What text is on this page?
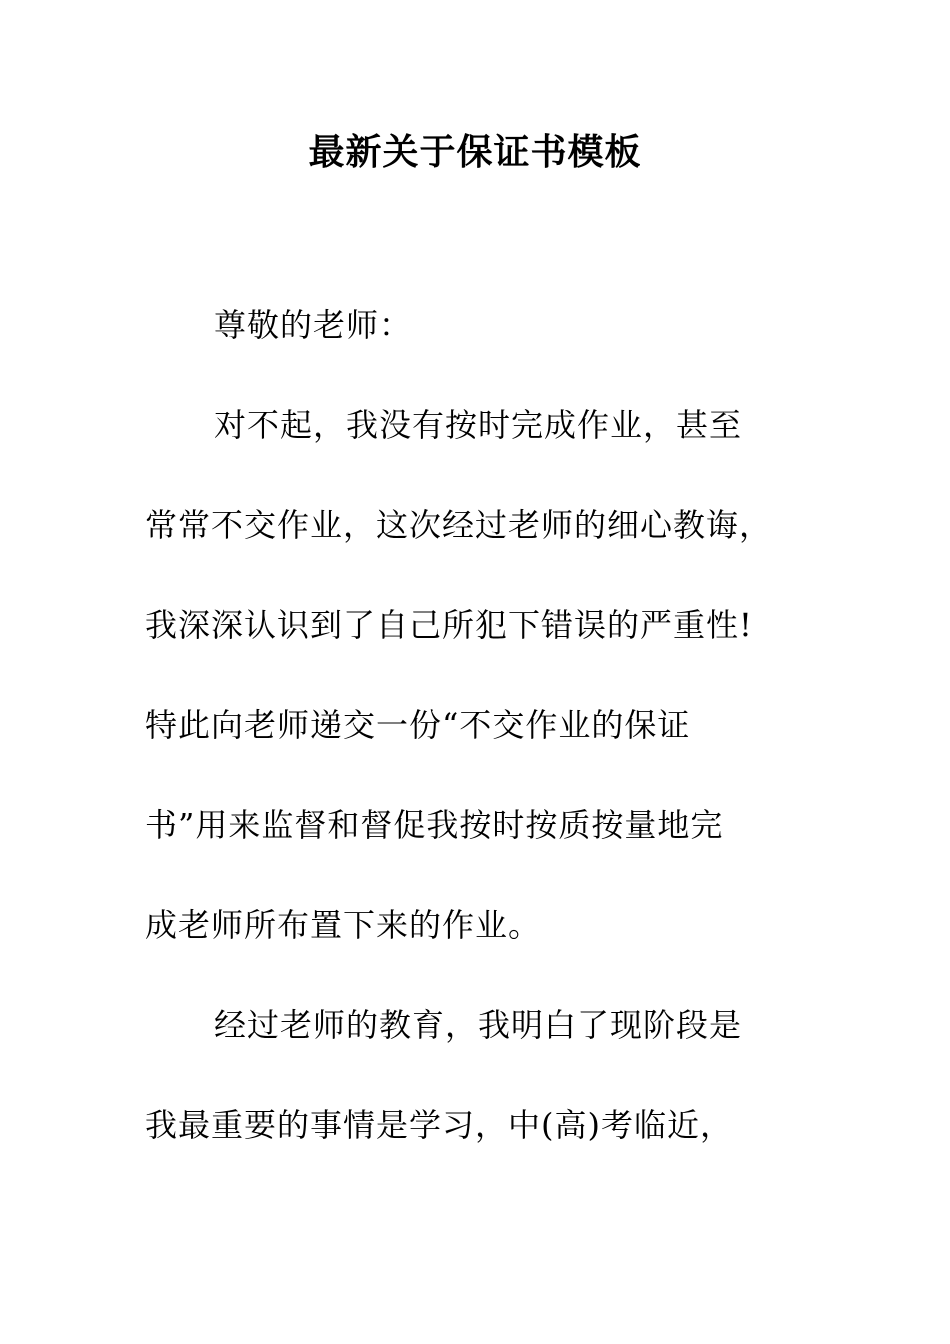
最新关于保证书模板
尊敬的老师：
对不起，我没有按时完成作业，甚至
常常不交作业，这次经过老师的细心教诲，
我深深认识到了自己所犯下错误的严重性!
特此向老师递交一份“不交作业的保证
书”用来监督和督促我按时按质按量地完
成老师所布置下来的作业。
经过老师的教育，我明白了现阶段是
我最重要的事情是学习，中(高)考临近，
